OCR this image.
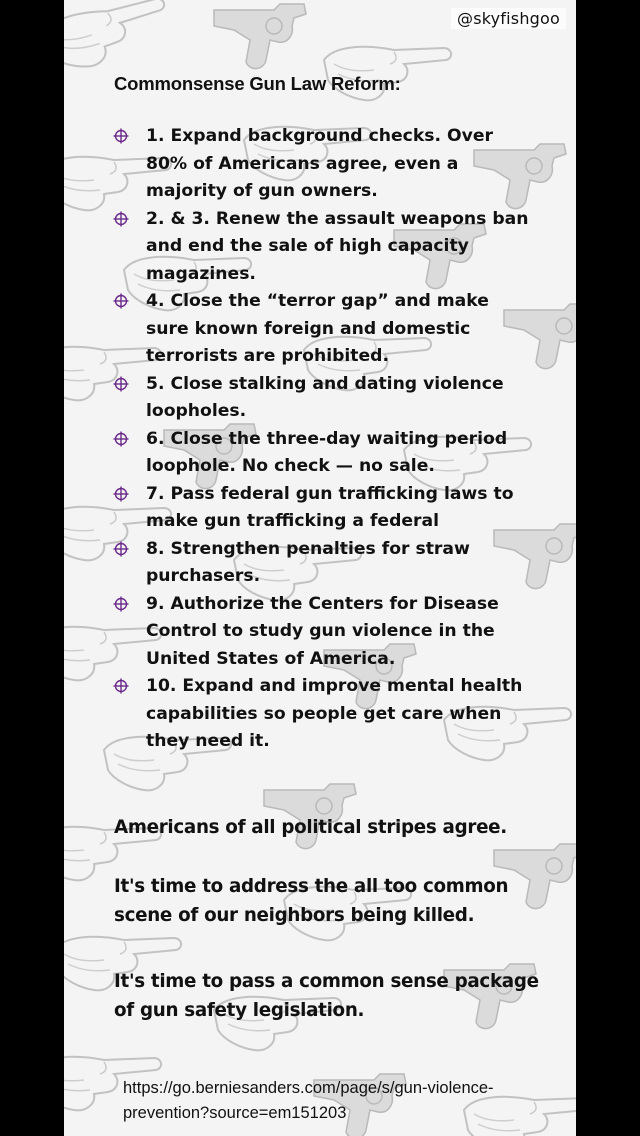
@skyfishgoo
Commonsense Gun Law Reform:
1. Expand background checks. Over 80% of Americans agree, even a majority of gun owners.
2. & 3. Renew the assault weapons ban and end the sale of high capacity magazines.
4. Close the “terror gap” and make sure known foreign and domestic terrorists are prohibited.
5. Close stalking and dating violence loopholes.
6. Close the three-day waiting period loophole. No check — no sale.
7. Pass federal gun trafficking laws to make gun trafficking a federal
8. Strengthen penalties for straw purchasers.
9. Authorize the Centers for Disease Control to study gun violence in the United States of America.
10. Expand and improve mental health capabilities so people get care when they need it.
Americans of all political stripes agree.
It's time to address the all too common scene of our neighbors being killed.
It's time to pass a common sense package of gun safety legislation.
https://go.berniesanders.com/page/s/gun-violence-prevention?source=em151203
